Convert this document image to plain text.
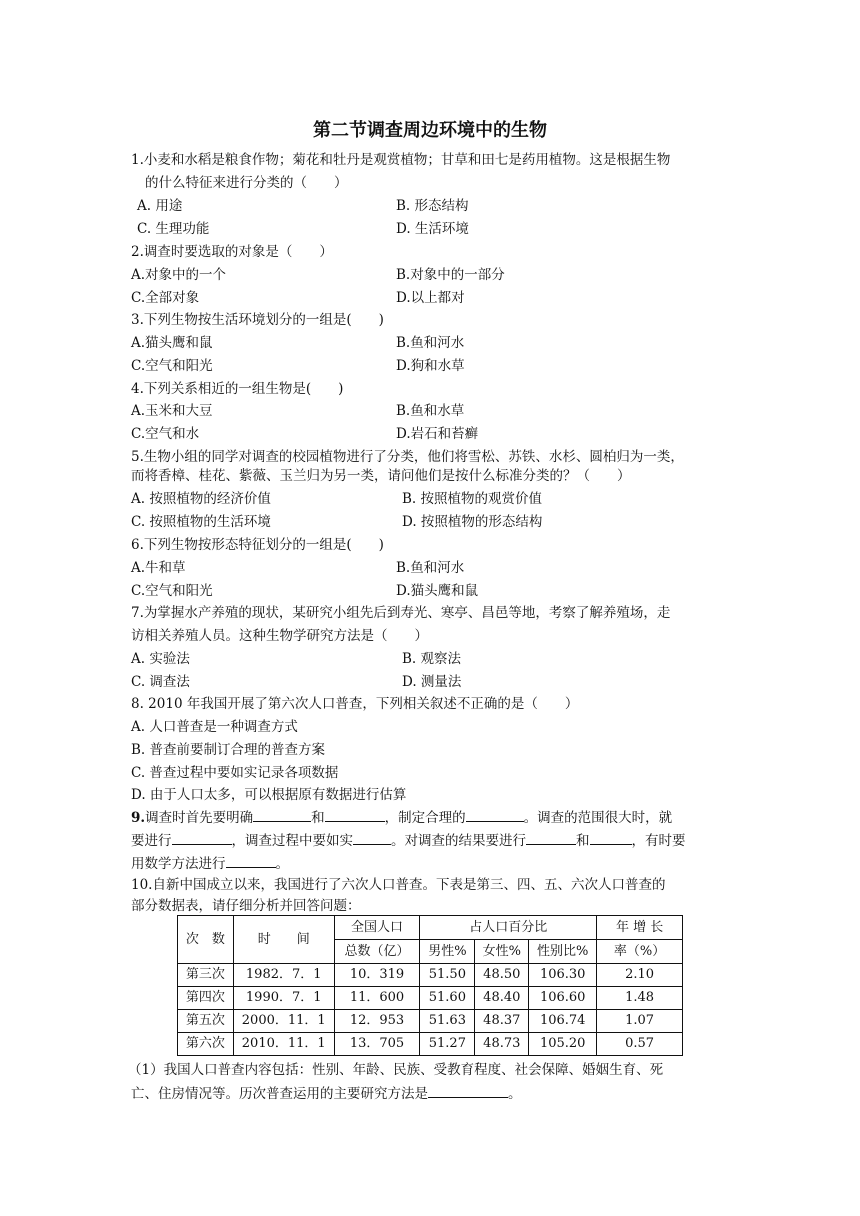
第二节调查周边环境中的生物
1.小麦和水稻是粮食作物；菊花和牡丹是观赏植物；甘草和田七是药用植物。这是根据生物
的什么特征来进行分类的（　　）
A. 用途	B. 形态结构
C. 生理功能	D. 生活环境
2.调查时要选取的对象是（　　）
A.对象中的一个	B.对象中的一部分
C.全部对象	D.以上都对
3.下列生物按生活环境划分的一组是(　　)
A.猫头鹰和鼠	B.鱼和河水
C.空气和阳光	D.狗和水草
4.下列关系相近的一组生物是(　　)
A.玉米和大豆	B.鱼和水草
C.空气和水	D.岩石和苔癣
5.生物小组的同学对调查的校园植物进行了分类，他们将雪松、苏铁、水杉、圆柏归为一类，
而将香樟、桂花、紫薇、玉兰归为另一类，请问他们是按什么标准分类的？（　　）
A. 按照植物的经济价值	B. 按照植物的观赏价值
C. 按照植物的生活环境	D. 按照植物的形态结构
6.下列生物按形态特征划分的一组是(　　)
A.牛和草	B.鱼和河水
C.空气和阳光	D.猫头鹰和鼠
7.为掌握水产养殖的现状，某研究小组先后到寿光、寒亭、昌邑等地，考察了解养殖场，走
访相关养殖人员。这种生物学研究方法是（　　）
A. 实验法	B. 观察法
C. 调查法	D. 测量法
8. 2010 年我国开展了第六次人口普查，下列相关叙述不正确的是（　　）
A. 人口普查是一种调查方式
B. 普查前要制订合理的普查方案
C. 普查过程中要如实记录各项数据
D. 由于人口太多，可以根据原有数据进行估算
9.调查时首先要明确	和	，制定合理的	。调查的范围很大时，就
要进行	，调查过程中要如实	。对调查的结果要进行	和	，有时要
用数学方法进行	。
10.自新中国成立以来，我国进行了六次人口普查。下表是第三、四、五、六次人口普查的
部分数据表，请仔细分析并回答问题：
次　数	时　　间	全国人口	占人口百分比			年 增 长
		总数（亿）	男性%	女性%	性别比%	率（%）
第三次	1982．7．1	10．319	51.50	48.50	106.30	2.10
第四次	1990．7．1	11．600	51.60	48.40	106.60	1.48
第五次	2000．11．1	12．953	51.63	48.37	106.74	1.07
第六次	2010．11．1	13．705	51.27	48.73	105.20	0.57
（1）我国人口普查内容包括：性别、年龄、民族、受教育程度、社会保障、婚姻生育、死
亡、住房情况等。历次普查运用的主要研究方法是	。
